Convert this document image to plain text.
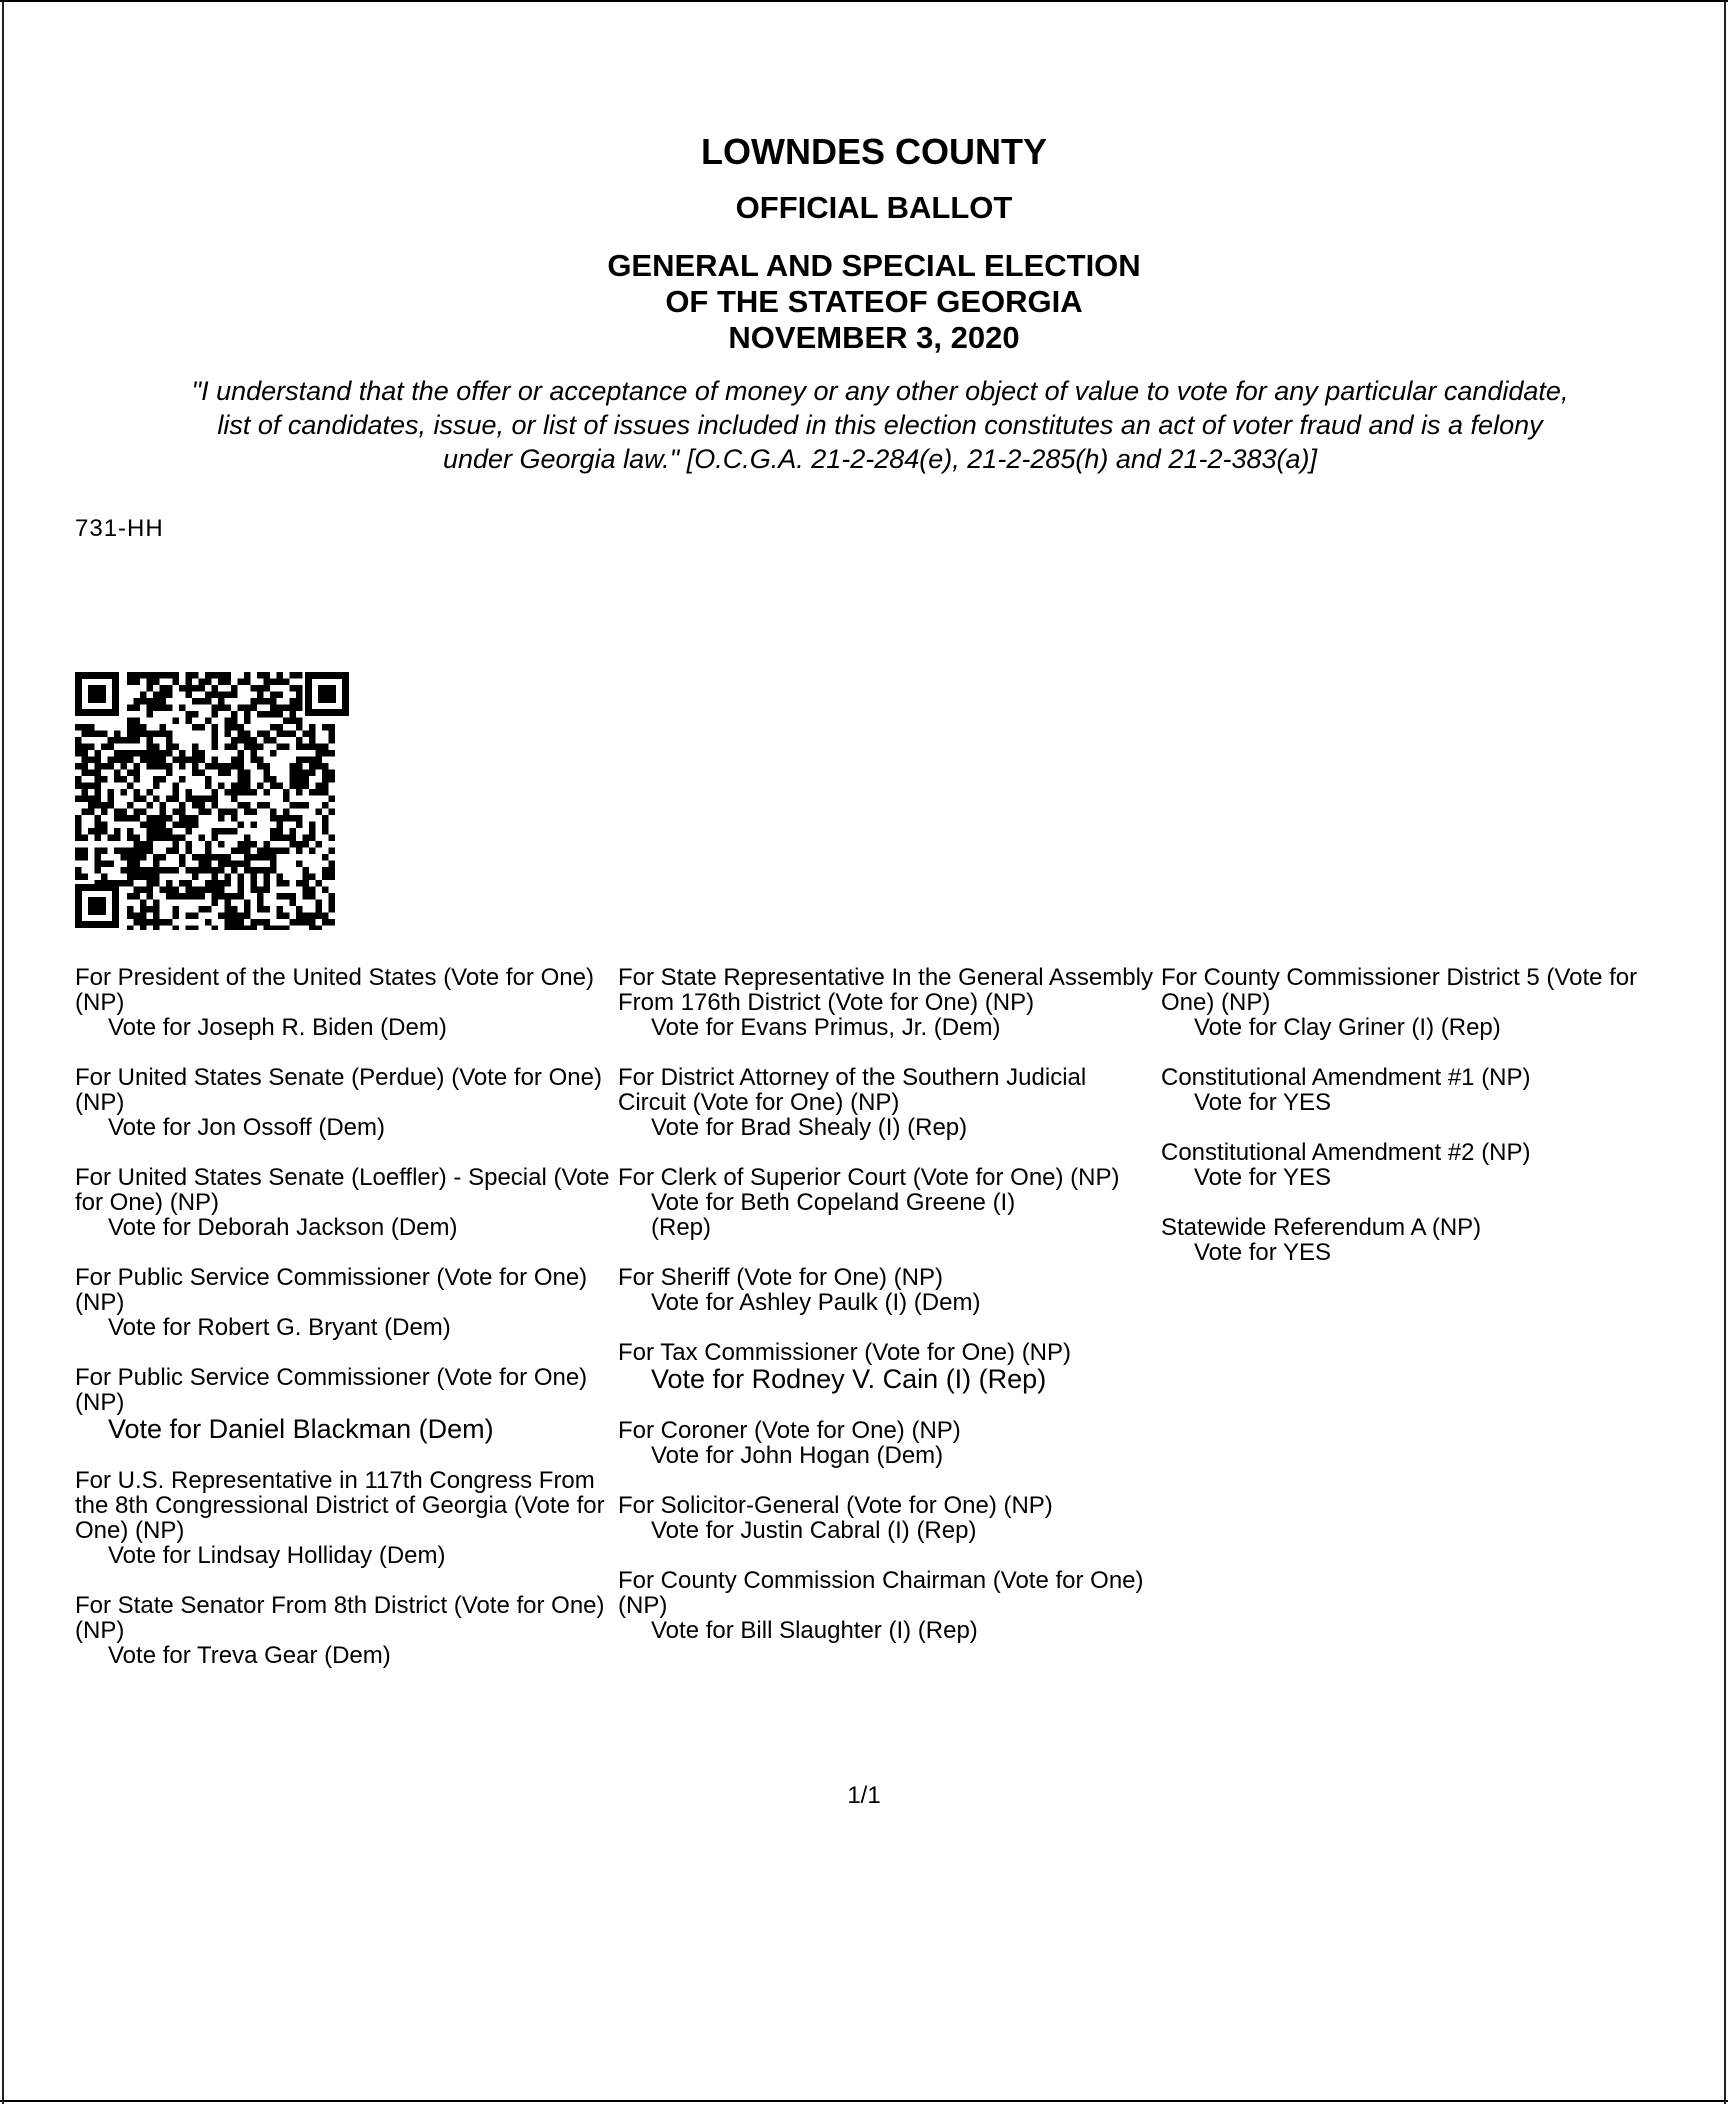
LOWNDES COUNTY
OFFICIAL BALLOT
GENERAL AND SPECIAL ELECTION
OF THE STATEOF GEORGIA
NOVEMBER 3, 2020
"I understand that the offer or acceptance of money or any other object of value to vote for any particular candidate,
list of candidates, issue, or list of issues included in this election constitutes an act of voter fraud and is a felony
under Georgia law." [O.C.G.A. 21-2-284(e), 21-2-285(h) and 21-2-383(a)]
731-HH
For President of the United States (Vote for One) (NP)
Vote for Joseph R. Biden (Dem)
For United States Senate (Perdue) (Vote for One) (NP)
Vote for Jon Ossoff (Dem)
For United States Senate (Loeffler) - Special (Vote for One) (NP)
Vote for Deborah Jackson (Dem)
For Public Service Commissioner (Vote for One) (NP)
Vote for Robert G. Bryant (Dem)
For Public Service Commissioner (Vote for One) (NP)
Vote for Daniel Blackman (Dem)
For U.S. Representative in 117th Congress From the 8th Congressional District of Georgia (Vote for One) (NP)
Vote for Lindsay Holliday (Dem)
For State Senator From 8th District (Vote for One) (NP)
Vote for Treva Gear (Dem)
For State Representative In the General Assembly From 176th District (Vote for One) (NP)
Vote for Evans Primus, Jr. (Dem)
For District Attorney of the Southern Judicial Circuit (Vote for One) (NP)
Vote for Brad Shealy (I) (Rep)
For Clerk of Superior Court (Vote for One) (NP)
Vote for Beth Copeland Greene (I) (Rep)
For Sheriff (Vote for One) (NP)
Vote for Ashley Paulk (I) (Dem)
For Tax Commissioner (Vote for One) (NP)
Vote for Rodney V. Cain (I) (Rep)
For Coroner (Vote for One) (NP)
Vote for John Hogan (Dem)
For Solicitor-General (Vote for One) (NP)
Vote for Justin Cabral (I) (Rep)
For County Commission Chairman (Vote for One) (NP)
Vote for Bill Slaughter (I) (Rep)
For County Commissioner District 5 (Vote for One) (NP)
Vote for Clay Griner (I) (Rep)
Constitutional Amendment #1 (NP)
Vote for YES
Constitutional Amendment #2 (NP)
Vote for YES
Statewide Referendum A (NP)
Vote for YES
1/1
